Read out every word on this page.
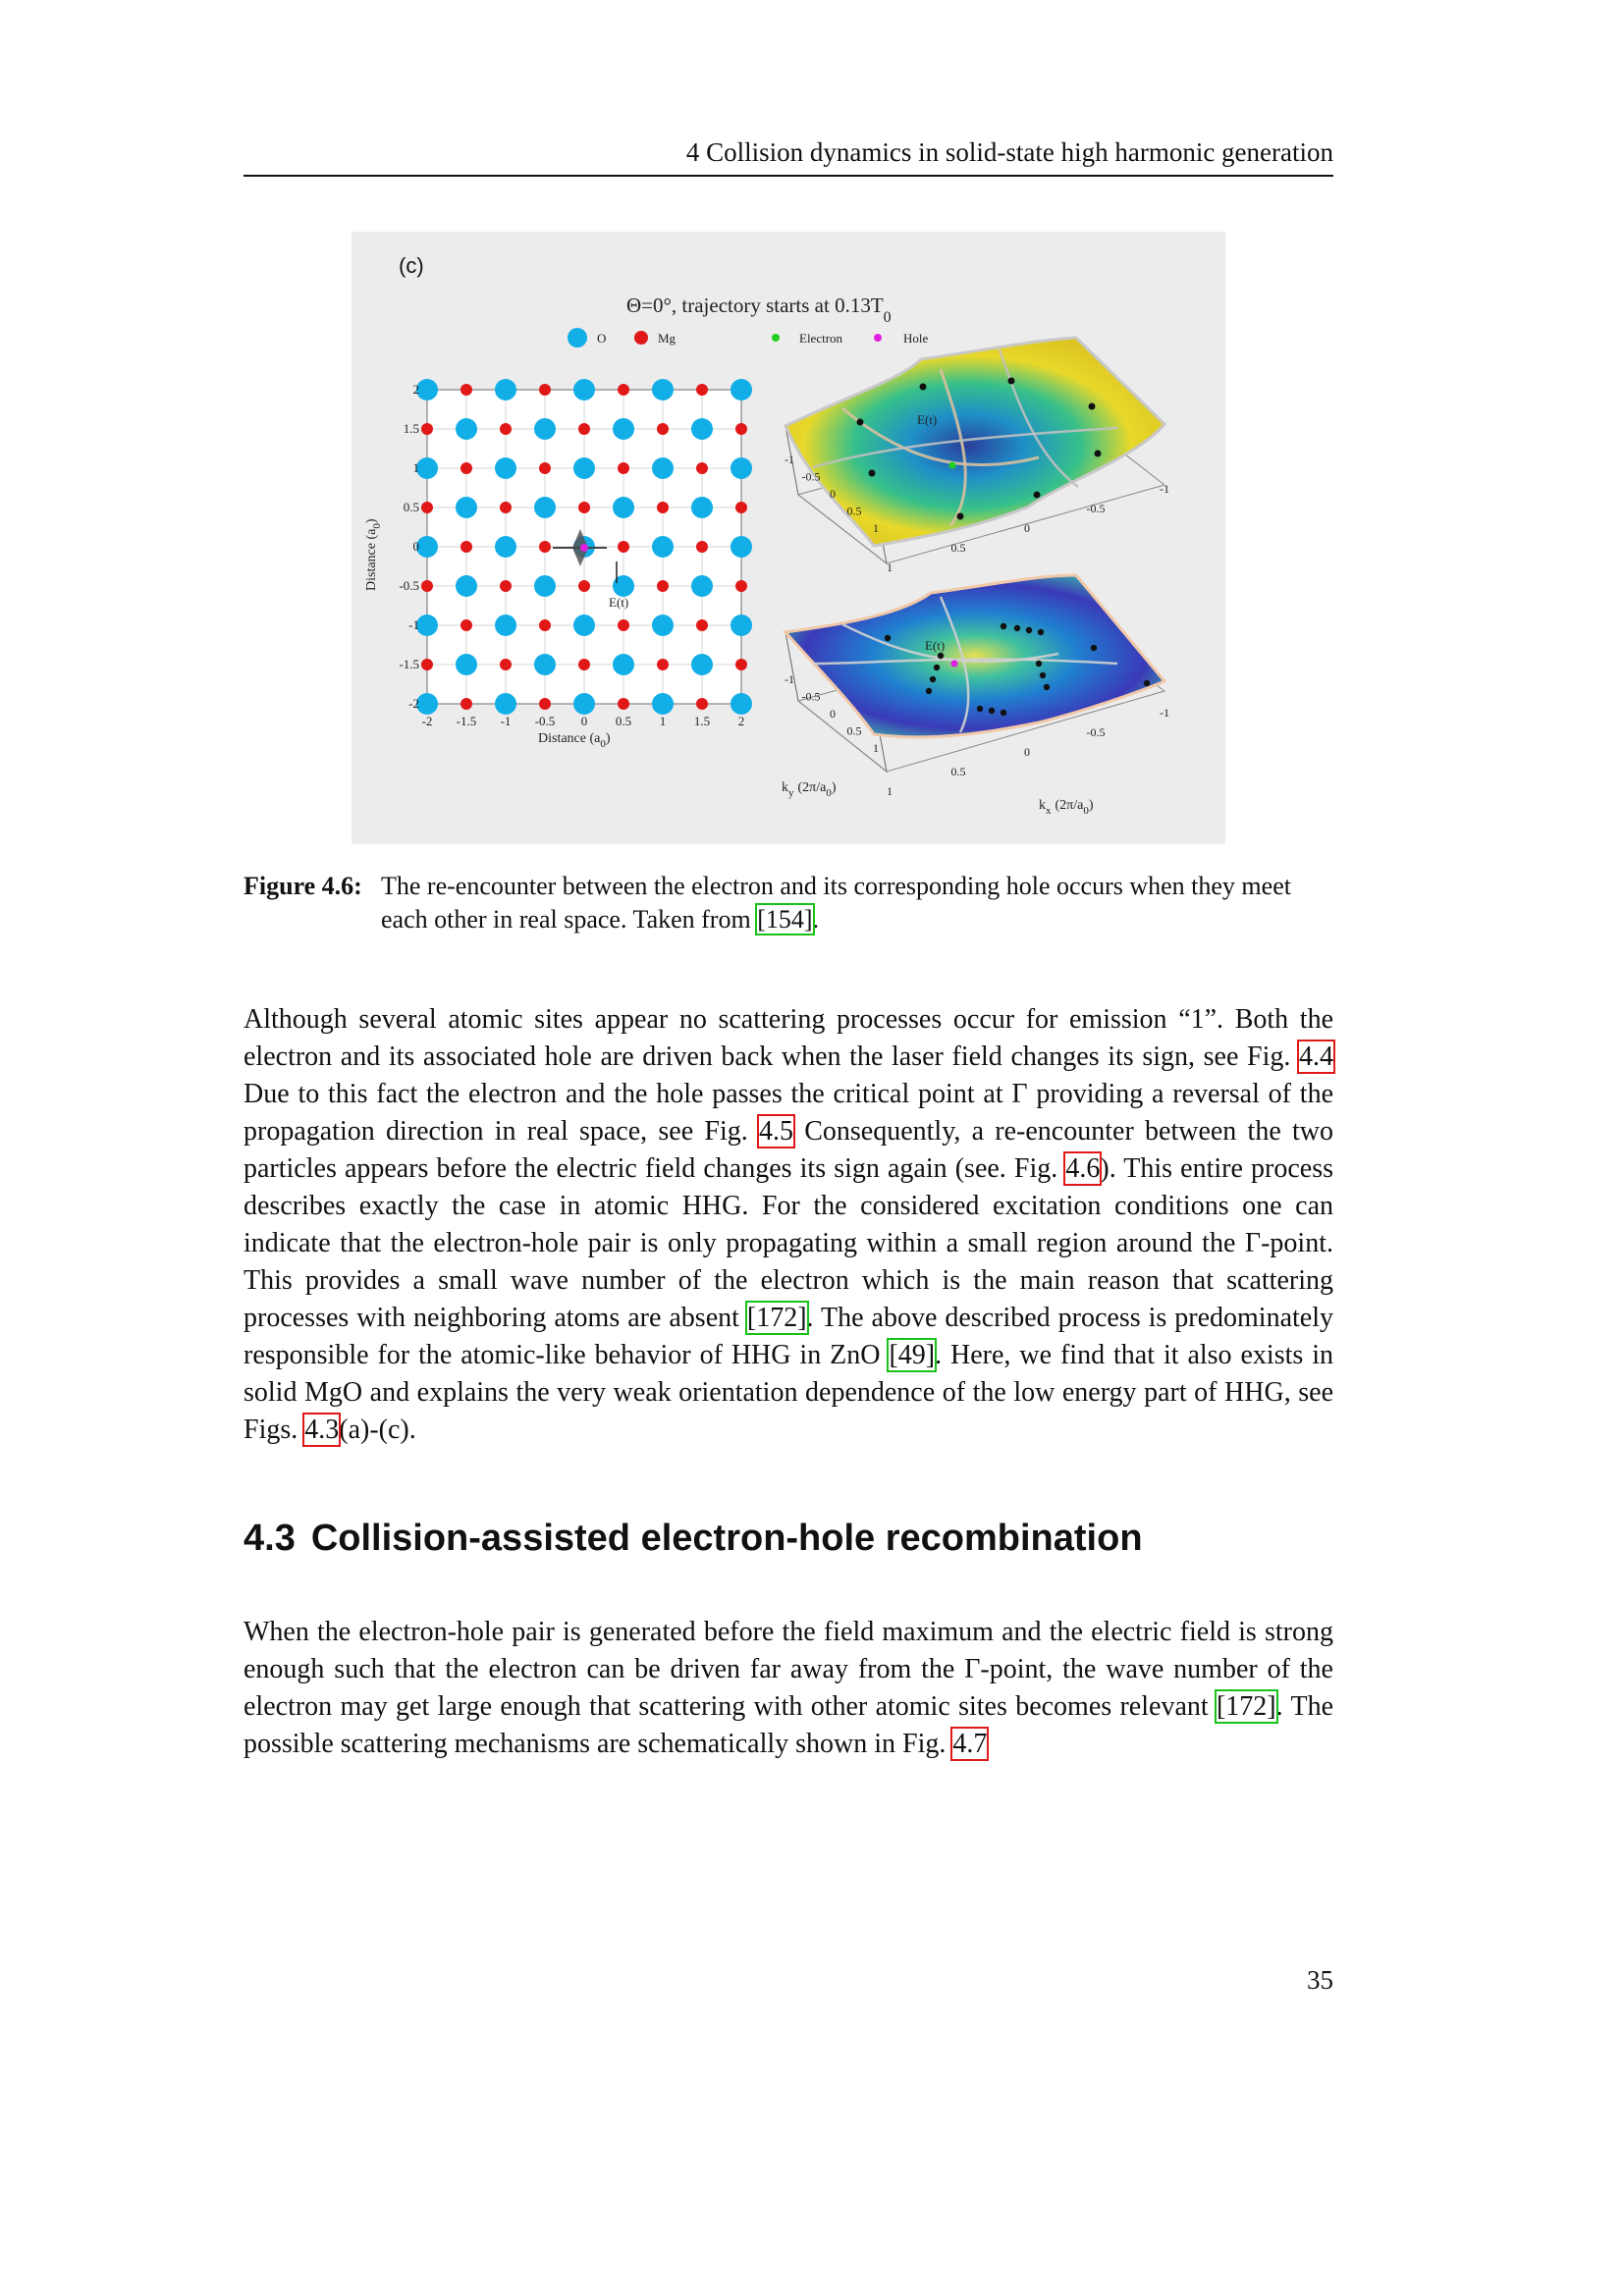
4 Collision dynamics in solid-state high harmonic generation
(c)
Θ=0°, trajectory starts at $0.13T_0$
O	Mg	Electron	Hole
E(t)
-2 -1.5 -1 -0.5 0 0.5 1 1.5 2
2
1.5
1
0.5
0
-0.5
-1
-1.5
-2
Distance $(a_0)$
Distance $(a_0)$
E(t)
-1
-0.5
0
0.5
1
1
0.5
0
-0.5
-1
E(t)
-1
-0.5
0
0.5
1
1
0.5
0
-0.5
-1
$k_y$ $(2\pi/a_0)$
$k_x$ $(2\pi/a_0)$
Figure 4.6: The re-encounter between the electron and its corresponding hole occurs when they meet each other in real space. Taken from [154].
Although several atomic sites appear no scattering processes occur for emission “1”. Both the electron and its associated hole are driven back when the laser field changes its sign, see Fig. 4.4 Due to this fact the electron and the hole passes the critical point at Γ providing a reversal of the propagation direction in real space, see Fig. 4.5 Consequently, a re-encounter between the two particles appears before the electric field changes its sign again (see. Fig. 4.6). This entire process describes exactly the case in atomic HHG. For the considered excitation conditions one can indicate that the electron-hole pair is only propagating within a small region around the Γ-point. This provides a small wave number of the electron which is the main reason that scattering processes with neighboring atoms are absent [172]. The above described process is predominately responsible for the atomic-like behavior of HHG in ZnO [49]. Here, we find that it also exists in solid MgO and explains the very weak orientation dependence of the low energy part of HHG, see Figs. 4.3(a)-(c).
4.3 Collision-assisted electron-hole recombination
When the electron-hole pair is generated before the field maximum and the electric field is strong enough such that the electron can be driven far away from the Γ-point, the wave number of the electron may get large enough that scattering with other atomic sites becomes relevant [172]. The possible scattering mechanisms are schematically shown in Fig. 4.7
35
